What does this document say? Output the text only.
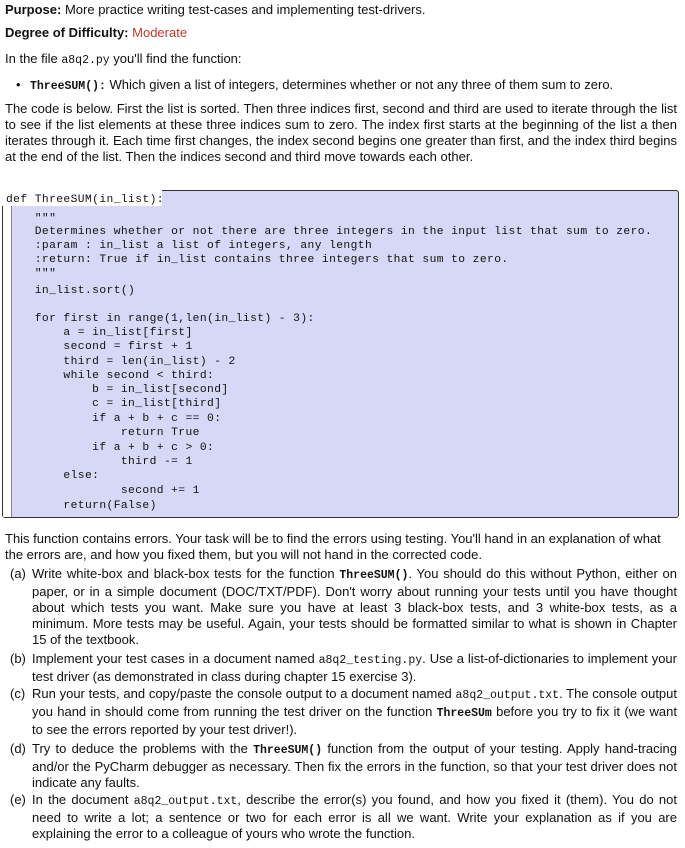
Purpose: More practice writing test-cases and implementing test-drivers.
Degree of Difficulty: Moderate
In the file a8q2.py you'll find the function:
• ThreeSUM(): Which given a list of integers, determines whether or not any three of them sum to zero.
The code is below. First the list is sorted. Then three indices first, second and third are used to iterate through the list to see if the list elements at these three indices sum to zero. The index first starts at the beginning of the list a then iterates through it. Each time first changes, the index second begins one greater than first, and the index third begins at the end of the list. Then the indices second and third move towards each other.
def ThreeSUM(in_list):
"""
Determines whether or not there are three integers in the input list that sum to zero.
:param : in_list a list of integers, any length
:return: True if in_list contains three integers that sum to zero.
"""
in_list.sort()
for first in range(1,len(in_list) - 3):
a = in_list[first]
second = first + 1
third = len(in_list) - 2
while second < third:
b = in_list[second]
c = in_list[third]
if a + b + c == 0:
return True
if a + b + c > 0:
third -= 1
else:
second += 1
return(False)
This function contains errors. Your task will be to find the errors using testing. You'll hand in an explanation of what the errors are, and how you fixed them, but you will not hand in the corrected code.
(a) Write white-box and black-box tests for the function ThreeSUM(). You should do this without Python, either on paper, or in a simple document (DOC/TXT/PDF). Don't worry about running your tests until you have thought about which tests you want. Make sure you have at least 3 black-box tests, and 3 white-box tests, as a minimum. More tests may be useful. Again, your tests should be formatted similar to what is shown in Chapter 15 of the textbook.
(b) Implement your test cases in a document named a8q2_testing.py. Use a list-of-dictionaries to implement your test driver (as demonstrated in class during chapter 15 exercise 3).
(c) Run your tests, and copy/paste the console output to a document named a8q2_output.txt. The console output you hand in should come from running the test driver on the function ThreeSUm before you try to fix it (we want to see the errors reported by your test driver!).
(d) Try to deduce the problems with the ThreeSUM() function from the output of your testing. Apply hand-tracing and/or the PyCharm debugger as necessary. Then fix the errors in the function, so that your test driver does not indicate any faults.
(e) In the document a8q2_output.txt, describe the error(s) you found, and how you fixed it (them). You do not need to write a lot; a sentence or two for each error is all we want. Write your explanation as if you are explaining the error to a colleague of yours who wrote the function.
